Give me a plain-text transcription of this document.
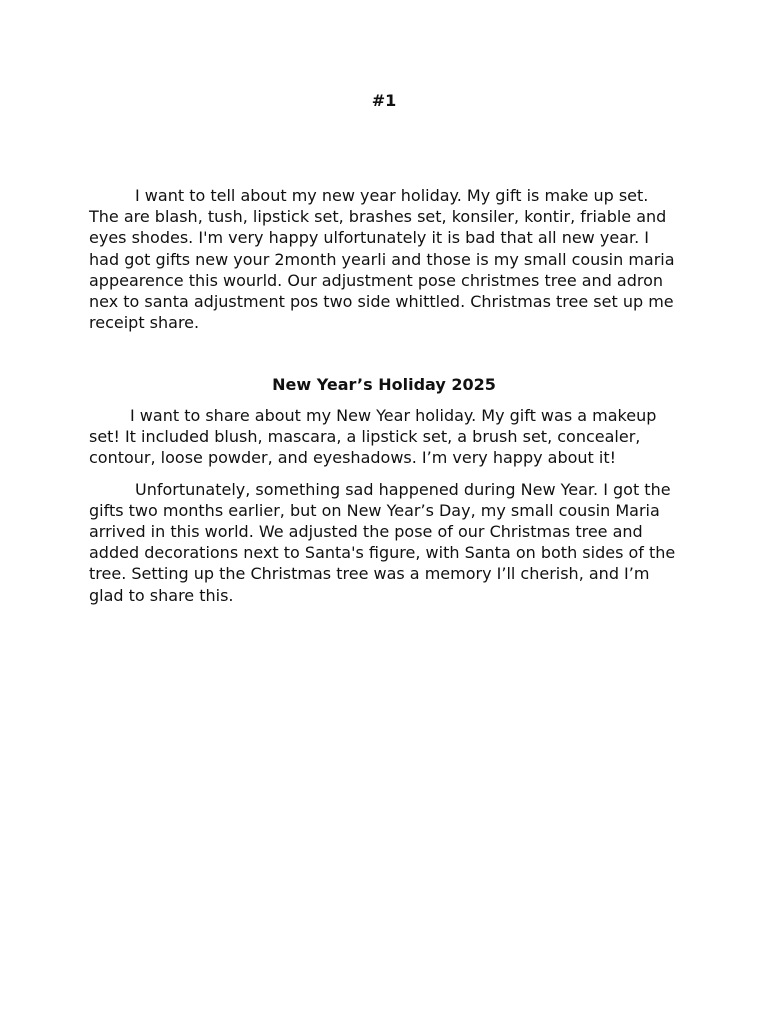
#1

I want to tell about my new year holiday. My gift is make up set. The are blash, tush, lipstick set, brashes set, konsiler, kontir, friable and eyes shodes. I'm very happy ulfortunately it is bad that all new year. I had got gifts new your 2month yearli and those is my small cousin maria appearence this wourld. Our adjustment pose christmes tree and adron nex to santa adjustment pos two side whittled. Christmas tree set up me receipt share.

New Year’s Holiday 2025

I want to share about my New Year holiday. My gift was a makeup set! It included blush, mascara, a lipstick set, a brush set, concealer, contour, loose powder, and eyeshadows. I’m very happy about it!

Unfortunately, something sad happened during New Year. I got the gifts two months earlier, but on New Year’s Day, my small cousin Maria arrived in this world. We adjusted the pose of our Christmas tree and added decorations next to Santa's figure, with Santa on both sides of the tree. Setting up the Christmas tree was a memory I’ll cherish, and I’m glad to share this.
